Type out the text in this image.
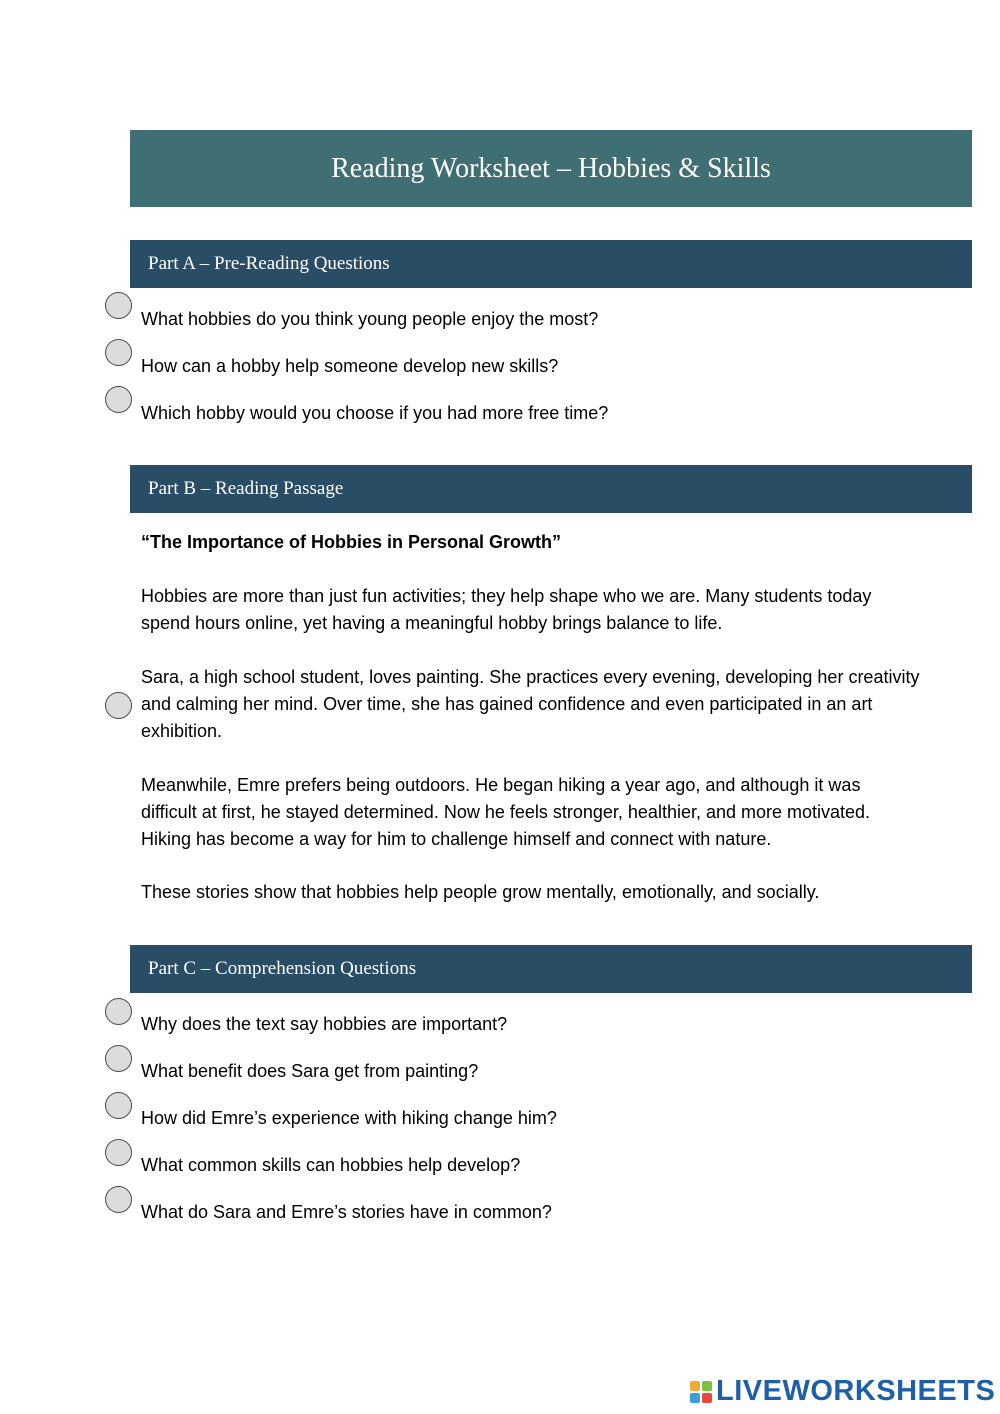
Reading Worksheet – Hobbies & Skills
Part A – Pre-Reading Questions
What hobbies do you think young people enjoy the most?
How can a hobby help someone develop new skills?
Which hobby would you choose if you had more free time?
Part B – Reading Passage
“The Importance of Hobbies in Personal Growth”

Hobbies are more than just fun activities; they help shape who we are. Many students today spend hours online, yet having a meaningful hobby brings balance to life.

Sara, a high school student, loves painting. She practices every evening, developing her creativity and calming her mind. Over time, she has gained confidence and even participated in an art exhibition.

Meanwhile, Emre prefers being outdoors. He began hiking a year ago, and although it was difficult at first, he stayed determined. Now he feels stronger, healthier, and more motivated. Hiking has become a way for him to challenge himself and connect with nature.

These stories show that hobbies help people grow mentally, emotionally, and socially.

Part C – Comprehension Questions
Why does the text say hobbies are important?
What benefit does Sara get from painting?
How did Emre’s experience with hiking change him?
What common skills can hobbies help develop?
What do Sara and Emre’s stories have in common?
LIVEWORKSHEETS
